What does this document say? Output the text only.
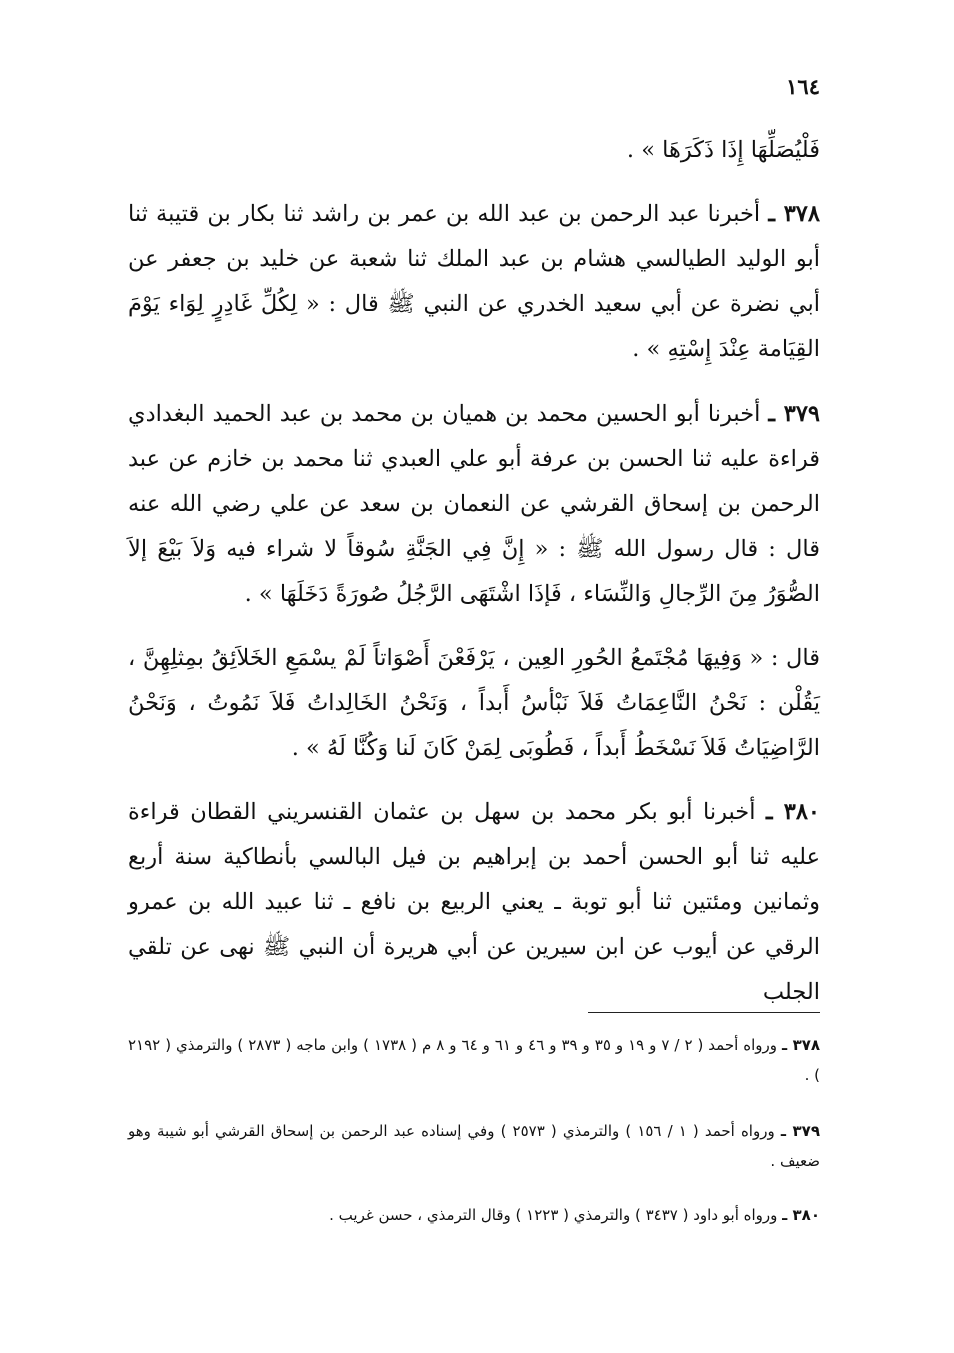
١٦٤
فَلْيُصَلِّهَا إِذَا ذَكَرَهَا » .
٣٧٨ ـ أخبرنا عبد الرحمن بن عبد الله بن عمر بن راشد ثنا بكار بن قتيبة ثنا أبو الوليد الطيالسي هشام بن عبد الملك ثنا شعبة عن خليد بن جعفر عن أبي نضرة عن أبي سعيد الخدري عن النبي ﷺ قال : « لِكُلِّ غَادِرٍ لِوَاء يَوْمَ القِيَامة عِنْدَ إِسْتِهِ » .
٣٧٩ ـ أخبرنا أبو الحسين محمد بن هميان بن محمد بن عبد الحميد البغدادي قراءة عليه ثنا الحسن بن عرفة أبو علي العبدي ثنا محمد بن خازم عن عبد الرحمن بن إسحاق القرشي عن النعمان بن سعد عن علي رضي الله عنه قال : قال رسول الله ﷺ : « إِنَّ فِي الجَنَّةِ سُوقاً لا شراء فيه وَلاَ بَيْعَ إلاَ الصُّوَرُ مِنَ الرِّجالِ وَالنِّسَاء ، فَإذَا اشْتَهَى الرَّجُلُ صُورَةً دَخَلَهَا » .
قال : « وَفِيهَا مُجْتَمعُ الحُورِ العِين ، يَرْفَعْنَ أَصْوَاتاً لَمْ يسْمَعِ الخَلاَئِقُ بمِثلِهِنَّ ، يَقُلْن : نَحْنُ النَّاعِمَاتُ فَلاَ نَبْأسُ أَبداً ، وَنَحْنُ الخَالِداتُ فَلاَ نَمُوتُ ، وَنَحْنُ الرَّاضِيَاتُ فَلاَ نَسْخَطُ أَبداً ، فَطُوبَى لِمَنْ كَانَ لَنا وَكُنَّا لَهُ » .
٣٨٠ ـ أخبرنا أبو بكر محمد بن سهل بن عثمان القنسريني القطان قراءة عليه ثنا أبو الحسن أحمد بن إبراهيم بن فيل البالسي بأنطاكية سنة أربع وثمانين ومئتين ثنا أبو توبة ـ يعني الربيع بن نافع ـ ثنا عبيد الله بن عمرو الرقي عن أيوب عن ابن سيرين عن أبي هريرة أن النبي ﷺ نهى عن تلقي الجلب
٣٧٨ ـ ورواه أحمد ( ٢ / ٧ و ١٩ و ٣٥ و ٣٩ و ٤٦ و ٦١ و ٦٤ و ٨ م ( ١٧٣٨ ) وابن ماجه ( ٢٨٧٣ ) والترمذي ( ٢١٩٢ ) .
٣٧٩ ـ ورواه أحمد ( ١ / ١٥٦ ) والترمذي ( ٢٥٧٣ ) وفي إسناده عبد الرحمن بن إسحاق القرشي أبو شيبة وهو ضعيف .
٣٨٠ ـ ورواه أبو داود ( ٣٤٣٧ ) والترمذي ( ١٢٢٣ ) وقال الترمذي ، حسن غريب .
